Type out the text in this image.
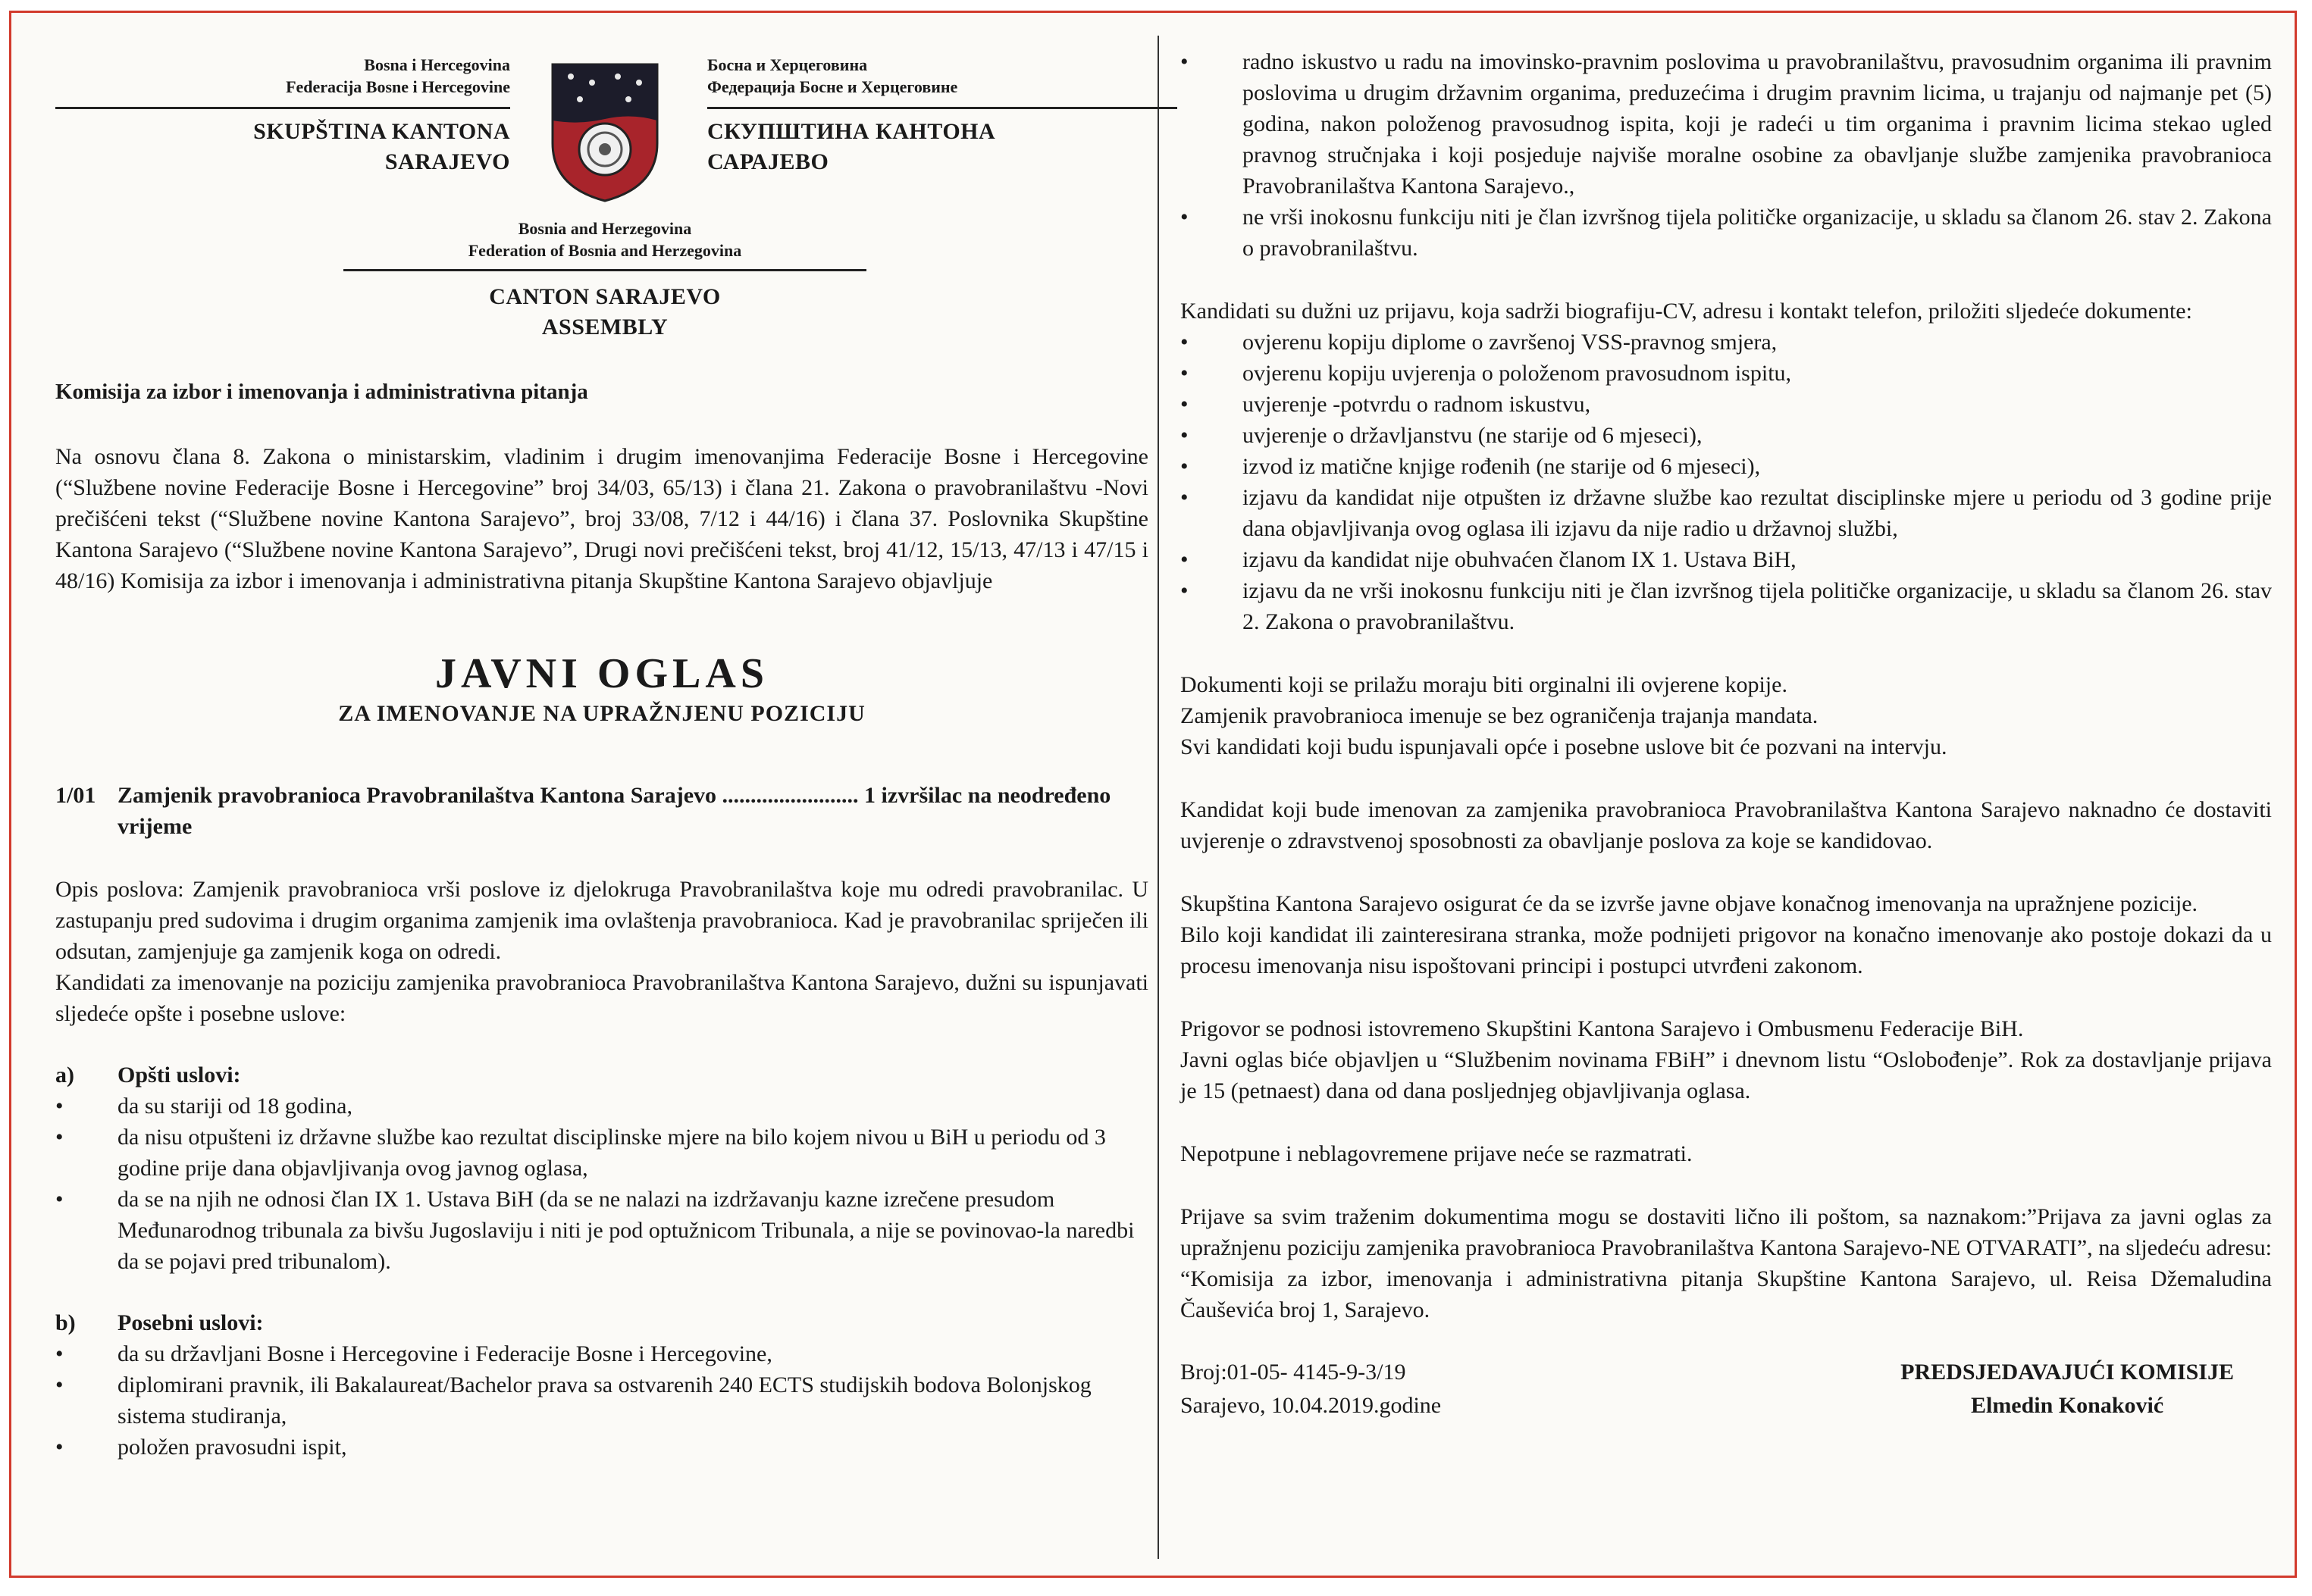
Bosna i Hercegovina
Federacija Bosne i Hercegovine
SKUPŠTINA KANTONA
SARAJEVO
Босна и Херцеговина
Федерација Босне и Херцеговине
СКУПШТИНА КАНТОНА
САРАЈЕВО
Bosnia and Herzegovina
Federation of Bosnia and Herzegovina
CANTON SARAJEVO
ASSEMBLY

Komisija za izbor i imenovanja i administrativna pitanja

Na osnovu člana 8. Zakona o ministarskim, vladinim i drugim imenovanjima Federacije Bosne i Hercegovine (“Službene novine Federacije Bosne i Hercegovine” broj 34/03, 65/13) i člana 21. Zakona o pravobranilaštvu -Novi prečišćeni tekst (“Službene novine Kantona Sarajevo”, broj 33/08, 7/12 i 44/16) i člana 37. Poslovnika Skupštine Kantona Sarajevo (“Službene novine Kantona Sarajevo”, Drugi novi prečišćeni tekst, broj 41/12, 15/13, 47/13 i 47/15 i 48/16) Komisija za izbor i imenovanja i administrativna pitanja Skupštine Kantona Sarajevo objavljuje

JAVNI OGLAS
ZA IMENOVANJE NA UPRAŽNJENU POZICIJU
1/01 Zamjenik pravobranioca Pravobranilaštva Kantona Sarajevo ........................ 1 izvršilac na neodređeno vrijeme

Opis poslova: Zamjenik pravobranioca vrši poslove iz djelokruga Pravobranilaštva koje mu odredi pravobranilac. U zastupanju pred sudovima i drugim organima zamjenik ima ovlaštenja pravobranioca. Kad je pravobranilac spriječen ili odsutan, zamjenjuje ga zamjenik koga on odredi.

Kandidati za imenovanje na poziciju zamjenika pravobranioca Pravobranilaštva Kantona Sarajevo, dužni su ispunjavati sljedeće opšte i posebne uslove:

a)	Opšti uslovi:
• da su stariji od 18 godina,
• da nisu otpušteni iz državne službe kao rezultat disciplinske mjere na bilo kojem nivou u BiH u periodu od 3 godine prije dana objavljivanja ovog javnog oglasa,
• da se na njih ne odnosi član IX 1. Ustava BiH (da se ne nalazi na izdržavanju kazne izrečene presudom Međunarodnog tribunala za bivšu Jugoslaviju i niti je pod optužnicom Tribunala, a nije se povinovao-la naredbi da se pojavi pred tribunalom).
b)	Posebni uslovi:
• da su državljani Bosne i Hercegovine i Federacije Bosne i Hercegovine,
• diplomirani pravnik, ili Bakalaureat/Bachelor prava sa ostvarenih 240 ECTS studijskih bodova Bolonjskog sistema studiranja,
• položen pravosudni ispit,
• radno iskustvo u radu na imovinsko-pravnim poslovima u pravobranilaštvu, pravosudnim organima ili pravnim poslovima u drugim državnim organima, preduzećima i drugim pravnim licima, u trajanju od najmanje pet (5) godina, nakon položenog pravosudnog ispita, koji je radeći u tim organima i pravnim licima stekao ugled pravnog stručnjaka i koji posjeduje najviše moralne osobine za obavljanje službe zamjenika pravobranioca Pravobranilaštva Kantona Sarajevo.,
• ne vrši inokosnu funkciju niti je član izvršnog tijela političke organizacije, u skladu sa članom 26. stav 2. Zakona o pravobranilaštvu.

Kandidati su dužni uz prijavu, koja sadrži biografiju-CV, adresu i kontakt telefon, priložiti sljedeće dokumente:

• ovjerenu kopiju diplome o završenoj VSS-pravnog smjera,
• ovjerenu kopiju uvjerenja o položenom pravosudnom ispitu,
• uvjerenje -potvrdu o radnom iskustvu,
• uvjerenje o državljanstvu (ne starije od 6 mjeseci),
• izvod iz matične knjige rođenih (ne starije od 6 mjeseci),
• izjavu da kandidat nije otpušten iz državne službe kao rezultat disciplinske mjere u periodu od 3 godine prije dana objavljivanja ovog oglasa ili izjavu da nije radio u državnoj službi,
• izjavu da kandidat nije obuhvaćen članom IX 1. Ustava BiH,
• izjavu da ne vrši inokosnu funkciju niti je član izvršnog tijela političke organizacije, u skladu sa članom 26. stav 2. Zakona o pravobranilaštvu.

Dokumenti koji se prilažu moraju biti orginalni ili ovjerene kopije.

Zamjenik pravobranioca imenuje se bez ograničenja trajanja mandata.

Svi kandidati koji budu ispunjavali opće i posebne uslove bit će pozvani na intervju.

Kandidat koji bude imenovan za zamjenika pravobranioca Pravobranilaštva Kantona Sarajevo naknadno će dostaviti uvjerenje o zdravstvenoj sposobnosti za obavljanje poslova za koje se kandidovao.

Skupština Kantona Sarajevo osigurat će da se izvrše javne objave konačnog imenovanja na upražnjene pozicije.

Bilo koji kandidat ili zainteresirana stranka, može podnijeti prigovor na konačno imenovanje ako postoje dokazi da u procesu imenovanja nisu ispoštovani principi i postupci utvrđeni zakonom.

Prigovor se podnosi istovremeno Skupštini Kantona Sarajevo i Ombusmenu Federacije BiH.

Javni oglas biće objavljen u “Službenim novinama FBiH” i dnevnom listu “Oslobođenje”. Rok za dostavljanje prijava je 15 (petnaest) dana od dana posljednjeg objavljivanja oglasa.

Nepotpune i neblagovremene prijave neće se razmatrati.

Prijave sa svim traženim dokumentima mogu se dostaviti lično ili poštom, sa naznakom:”Prijava za javni oglas za upražnjenu poziciju zamjenika pravobranioca Pravobranilaštva Kantona Sarajevo-NE OTVARATI”, na sljedeću adresu: “Komisija za izbor, imenovanja i administrativna pitanja Skupštine Kantona Sarajevo, ul. Reisa Džemaludina Čauševića broj 1, Sarajevo.

Broj:01-05- 4145-9-3/19
Sarajevo, 10.04.2019.godine
PREDSJEDAVAJUĆI KOMISIJE
Elmedin Konaković
